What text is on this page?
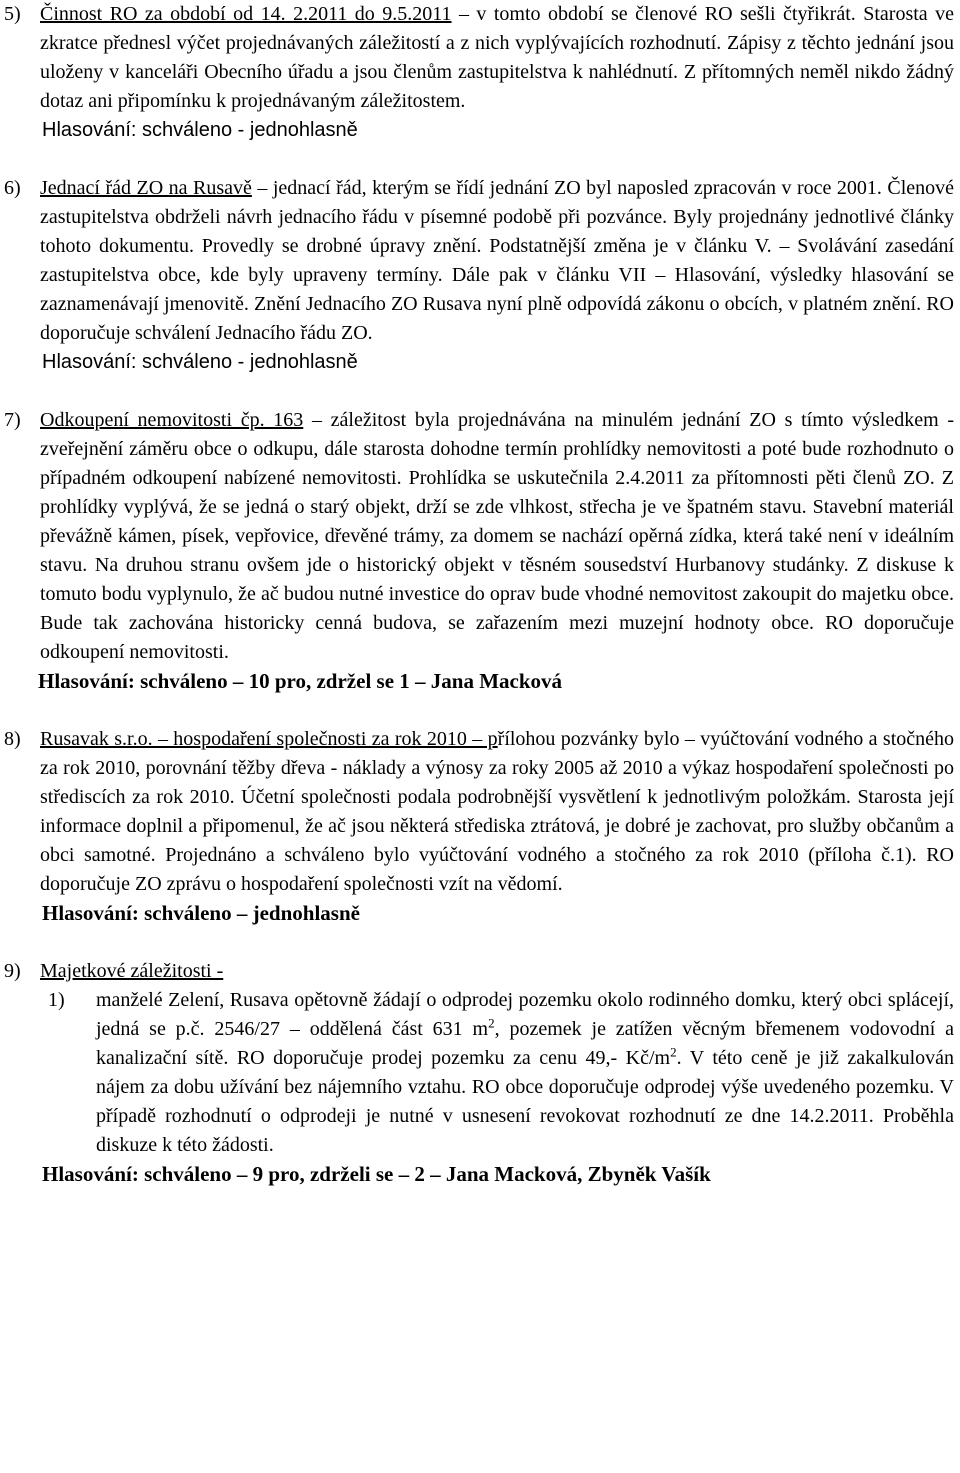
5) Činnost RO za období od 14. 2.2011 do 9.5.2011 – v tomto období se členové RO sešli čtyřikrát. Starosta ve zkratce přednesl výčet projednávaných záležitostí a z nich vyplývajících rozhodnutí. Zápisy z těchto jednání jsou uloženy v kanceláři Obecního úřadu a jsou členům zastupitelstva k nahlédnutí. Z přítomných neměl nikdo žádný dotaz ani připomínku k projednávaným záležitostem.

Hlasování: schváleno - jednohlasně

6) Jednací řád ZO na Rusavě – jednací řád, kterým se řídí jednání ZO byl naposled zpracován v roce 2001. Členové zastupitelstva obdrželi návrh jednacího řádu v písemné podobě při pozvánce. Byly projednány jednotlivé články tohoto dokumentu. Provedly se drobné úpravy znění. Podstatnější změna je v článku V. – Svolávání zasedání zastupitelstva obce, kde byly upraveny termíny. Dále pak v článku VII – Hlasování, výsledky hlasování se zaznamenávají jmenovitě. Znění Jednacího ZO Rusava nyní plně odpovídá zákonu o obcích, v platném znění. RO doporučuje schválení Jednacího řádu ZO.

Hlasování: schváleno - jednohlasně

7) Odkoupení nemovitosti čp. 163 – záležitost byla projednávána na minulém jednání ZO s tímto výsledkem - zveřejnění záměru obce o odkupu, dále starosta dohodne termín prohlídky nemovitosti a poté bude rozhodnuto o případném odkoupení nabízené nemovitosti. Prohlídka se uskutečnila 2.4.2011 za přítomnosti pěti členů ZO. Z prohlídky vyplývá, že se jedná o starý objekt, drží se zde vlhkost, střecha je ve špatném stavu. Stavební materiál převážně kámen, písek, vepřovice, dřevěné trámy, za domem se nachází opěrná zídka, která také není v ideálním stavu. Na druhou stranu ovšem jde o historický objekt v těsném sousedství Hurbanovy studánky. Z diskuse k tomuto bodu vyplynulo, že ač budou nutné investice do oprav bude vhodné nemovitost zakoupit do majetku obce. Bude tak zachována historicky cenná budova, se zařazením mezi muzejní hodnoty obce. RO doporučuje odkoupení nemovitosti.

Hlasování: schváleno – 10 pro, zdržel se 1 – Jana Macková

8) Rusavak s.r.o. – hospodaření společnosti za rok 2010 – přílohou pozvánky bylo – vyúčtování vodného a stočného za rok 2010, porovnání těžby dřeva - náklady a výnosy za roky 2005 až 2010 a výkaz hospodaření společnosti po střediscích za rok 2010. Účetní společnosti podala podrobnější vysvětlení k jednotlivým položkám. Starosta její informace doplnil a připomenul, že ač jsou některá střediska ztrátová, je dobré je zachovat, pro služby občanům a obci samotné. Projednáno a schváleno bylo vyúčtování vodného a stočného za rok 2010 (příloha č.1). RO doporučuje ZO zprávu o hospodaření společnosti vzít na vědomí.

Hlasování: schváleno – jednohlasně

9) Majetkové záležitosti -

1) manželé Zelení, Rusava opětovně žádají o odprodej pozemku okolo rodinného domku, který obci splácejí, jedná se p.č. 2546/27 – oddělená část 631 $m^2$, pozemek je zatížen věcným břemenem vodovodní a kanalizační sítě. RO doporučuje prodej pozemku za cenu 49,- $Kč/m^2$. V této ceně je již zakalkulován nájem za dobu užívání bez nájemního vztahu. RO obce doporučuje odprodej výše uvedeného pozemku. V případě rozhodnutí o odprodeji je nutné v usnesení revokovat rozhodnutí ze dne 14.2.2011. Proběhla diskuze k této žádosti.

Hlasování: schváleno – 9 pro, zdrželi se – 2 – Jana Macková, Zbyněk Vašík
